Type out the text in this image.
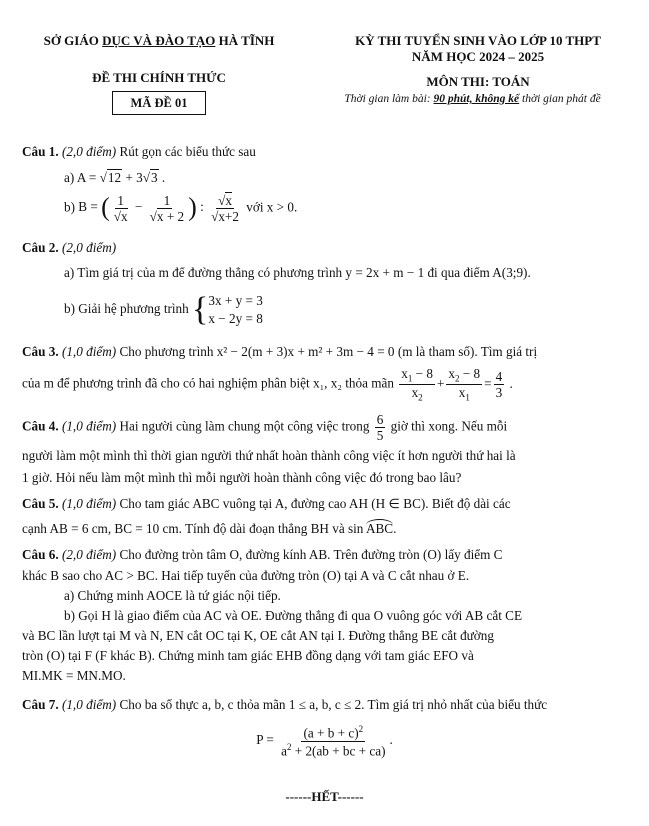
SỞ GIÁO DỤC VÀ ĐÀO TẠO HÀ TĨNH
ĐỀ THI CHÍNH THỨC
MÃ ĐỀ 01
KỲ THI TUYỂN SINH VÀO LỚP 10 THPT
NĂM HỌC 2024 – 2025
MÔN THI: TOÁN
Thời gian làm bài: 90 phút, không kể thời gian phát đề
Câu 1. (2,0 điểm) Rút gọn các biểu thức sau
a) A = √12 + 3√3 .
b) B = ( $\frac{1}{√x} - \frac{1}{√x + 2}$ ) : $\frac{√x}{√x+2}$ với x > 0.
Câu 2. (2,0 điểm)
a) Tìm giá trị của m để đường thẳng có phương trình y = 2x + m − 1 đi qua điểm A(3;9).
b) Giải hệ phương trình {3x + y = 3
x − 2y = 8
Câu 3. (1,0 điểm) Cho phương trình x² − 2(m + 3)x + m² + 3m − 4 = 0 (m là tham số). Tìm giá trị
của m để phương trình đã cho có hai nghiệm phân biệt x₁, x₂ thỏa mãn $\frac{x_1 - 8}{x_2} + \frac{x_2 - 8}{x_1} = \frac{4}{3}$ .
Câu 4. (1,0 điểm) Hai người cùng làm chung một công việc trong $\frac{6}{5}$ giờ thì xong. Nếu mỗi
người làm một mình thì thời gian người thứ nhất hoàn thành công việc ít hơn người thứ hai là
1 giờ. Hỏi nếu làm một mình thì mỗi người hoàn thành công việc đó trong bao lâu?
Câu 5. (1,0 điểm) Cho tam giác ABC vuông tại A, đường cao AH (H ∈ BC). Biết độ dài các
cạnh AB = 6 cm, BC = 10 cm. Tính độ dài đoạn thẳng BH và sin ABC.
Câu 6. (2,0 điểm) Cho đường tròn tâm O, đường kính AB. Trên đường tròn (O) lấy điểm C
khác B sao cho AC > BC. Hai tiếp tuyến của đường tròn (O) tại A và C cắt nhau ở E.
a) Chứng minh AOCE là tứ giác nội tiếp.
b) Gọi H là giao điểm của AC và OE. Đường thẳng đi qua O vuông góc với AB cắt CE
và BC lần lượt tại M và N, EN cắt OC tại K, OE cắt AN tại I. Đường thẳng BE cắt đường
tròn (O) tại F (F khác B). Chứng minh tam giác EHB đồng dạng với tam giác EFO và
MI.MK = MN.MO.
Câu 7. (1,0 điểm) Cho ba số thực a, b, c thỏa mãn 1 ≤ a, b, c ≤ 2. Tìm giá trị nhỏ nhất của biểu thức
$P = \frac{(a + b + c)^2}{a^2 + 2(ab + bc + ca)}$ .
------HẾT------
